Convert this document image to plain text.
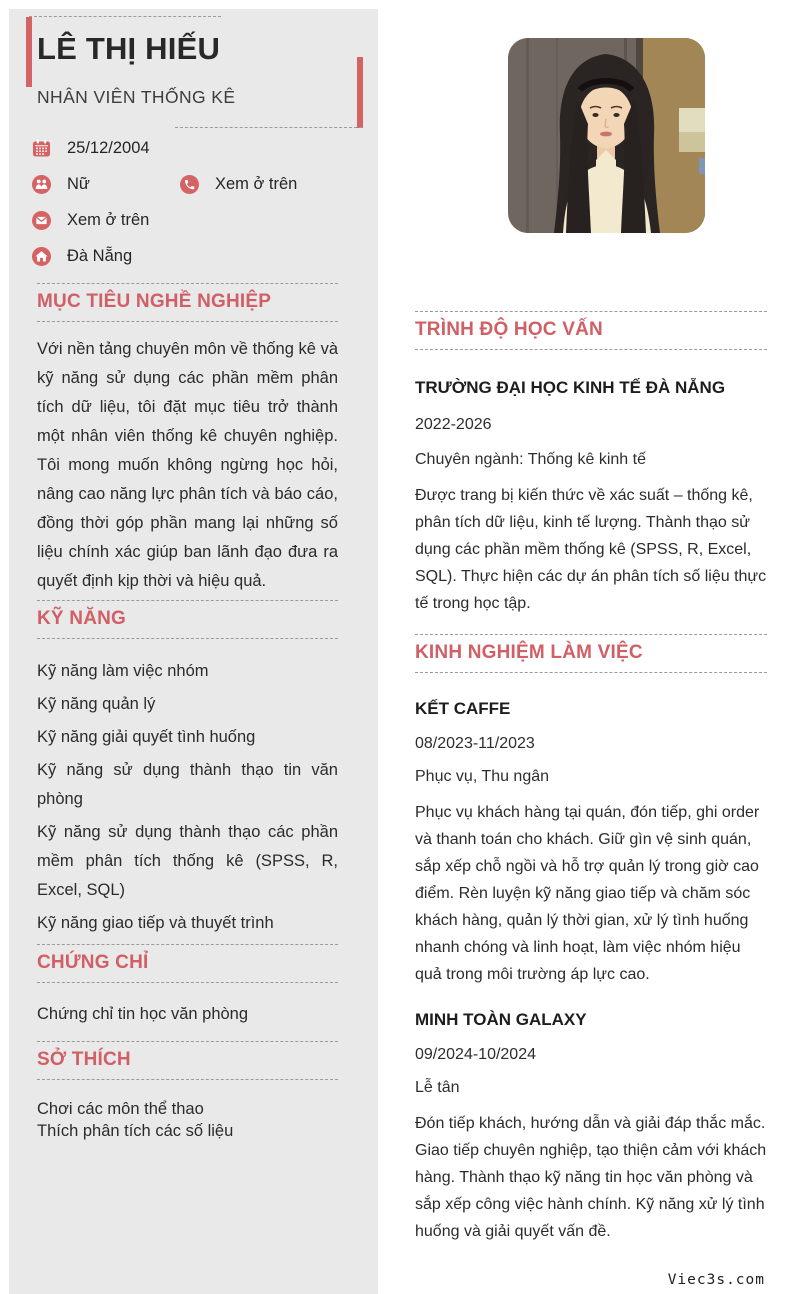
LÊ THỊ HIẾU
NHÂN VIÊN THỐNG KÊ
25/12/2004
Nữ	Xem ở trên
Xem ở trên
Đà Nẵng
MỤC TIÊU NGHỀ NGHIỆP

Với nền tảng chuyên môn về thống kê và kỹ năng sử dụng các phần mềm phân tích dữ liệu, tôi đặt mục tiêu trở thành một nhân viên thống kê chuyên nghiệp. Tôi mong muốn không ngừng học hỏi, nâng cao năng lực phân tích và báo cáo, đồng thời góp phần mang lại những số liệu chính xác giúp ban lãnh đạo đưa ra quyết định kịp thời và hiệu quả.

KỸ NĂNG

Kỹ năng làm việc nhóm

Kỹ năng quản lý

Kỹ năng giải quyết tình huống

Kỹ năng sử dụng thành thạo tin văn phòng

Kỹ năng sử dụng thành thạo các phần mềm phân tích thống kê (SPSS, R, Excel, SQL)

Kỹ năng giao tiếp và thuyết trình

CHỨNG CHỈ

Chứng chỉ tin học văn phòng

SỞ THÍCH

Chơi các môn thể thao

Thích phân tích các số liệu

TRÌNH ĐỘ HỌC VẤN
TRƯỜNG ĐẠI HỌC KINH TẾ ĐÀ NẴNG
2022-2026
Chuyên ngành: Thống kê kinh tế

Được trang bị kiến thức về xác suất – thống kê, phân tích dữ liệu, kinh tế lượng. Thành thạo sử dụng các phần mềm thống kê (SPSS, R, Excel, SQL). Thực hiện các dự án phân tích số liệu thực tế trong học tập.

KINH NGHIỆM LÀM VIỆC
KẾT CAFFE
08/2023-11/2023
Phục vụ, Thu ngân

Phục vụ khách hàng tại quán, đón tiếp, ghi order và thanh toán cho khách. Giữ gìn vệ sinh quán, sắp xếp chỗ ngồi và hỗ trợ quản lý trong giờ cao điểm. Rèn luyện kỹ năng giao tiếp và chăm sóc khách hàng, quản lý thời gian, xử lý tình huống nhanh chóng và linh hoạt, làm việc nhóm hiệu quả trong môi trường áp lực cao.

MINH TOÀN GALAXY
09/2024-10/2024
Lễ tân

Đón tiếp khách, hướng dẫn và giải đáp thắc mắc. Giao tiếp chuyên nghiệp, tạo thiện cảm với khách hàng. Thành thạo kỹ năng tin học văn phòng và sắp xếp công việc hành chính. Kỹ năng xử lý tình huống và giải quyết vấn đề.

Viec3s.com
